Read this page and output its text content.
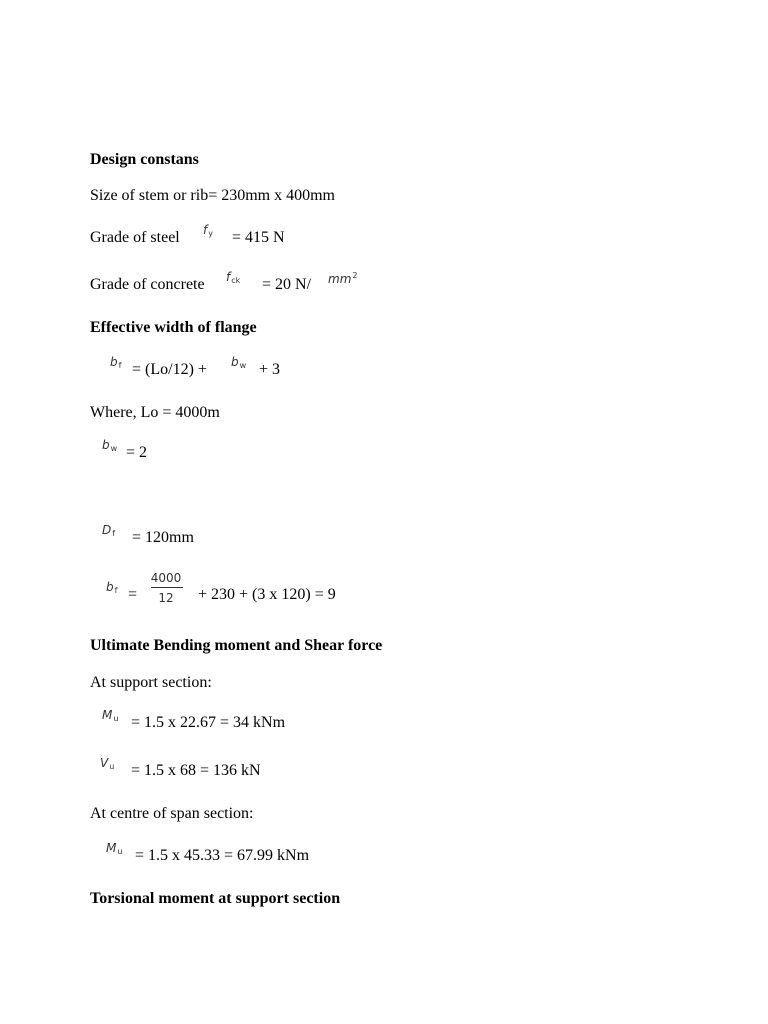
Design constans
Size of stem or rib= 230mm x 400mm
Grade of steel fy = 415 N
Grade of concrete fck = 20 N/ $mm^2$
Effective width of flange
bf = (Lo/12) + bw + 3
Where, Lo = 4000m
bw = 2
Df = 120mm
bf =
4000
12	+ 230 + (3 x 120) = 9
Ultimate Bending moment and Shear force
At support section:
Mu = 1.5 x 22.67 = 34 kNm
Vu = 1.5 x 68 = 136 kN
At centre of span section:
Mu = 1.5 x 45.33 = 67.99 kNm
Torsional moment at support section
